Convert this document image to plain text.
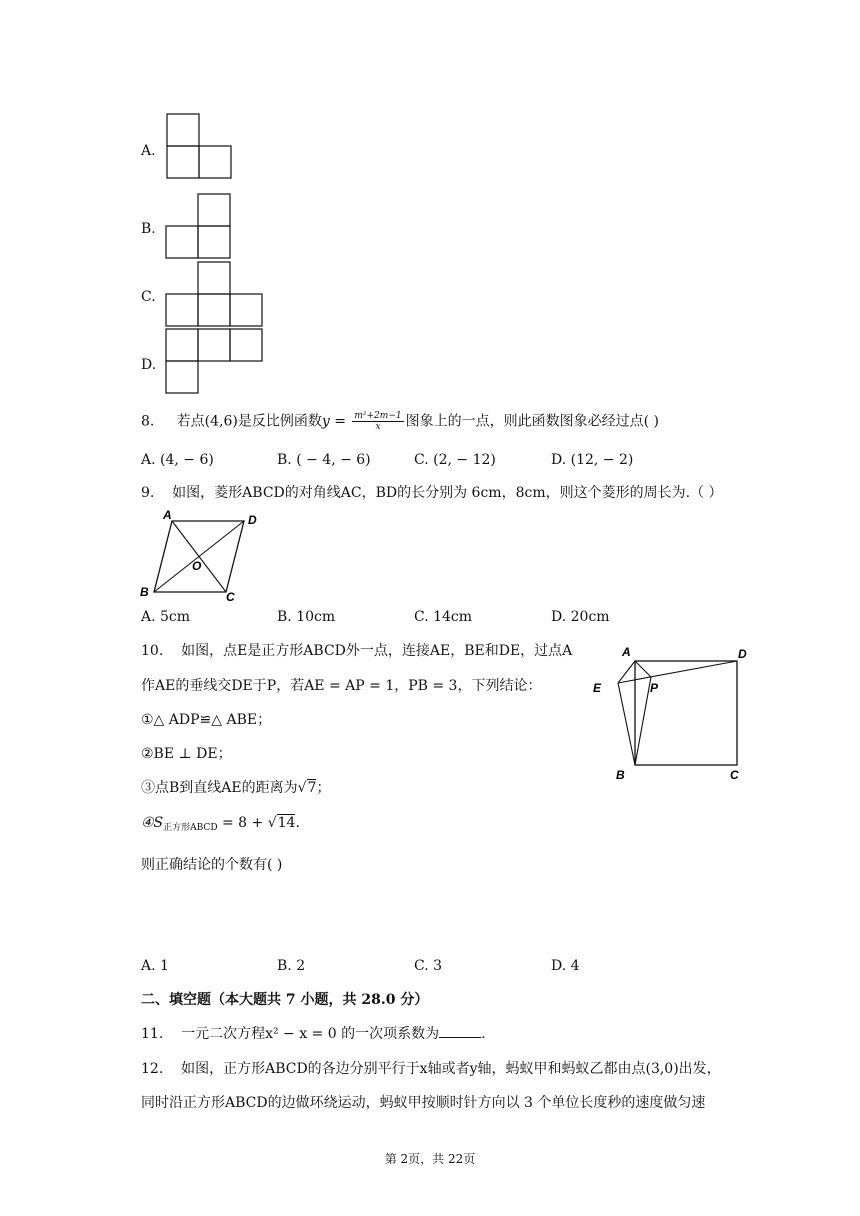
A.
B.
C.
D.
8. 若点(4,6)是反比例函数$y = \frac{\text{m²+2m−1}}{x}$ 图象上的一点，则此函数图象必经过点( )
A. (4, − 6)	B. ( − 4, − 6)	C. (2, − 12)	D. (12, − 2)
9. 如图，菱形ABCD的对角线AC，BD的长分别为 6cm，8cm，则这个菱形的周长为.（ ）
A	D
O
B	C
A. 5cm	B. 10cm	C. 14cm	D. 20cm
10. 如图，点E是正方形ABCD外一点，连接AE，BE和DE，过点A
作AE的垂线交DE于P，若AE = AP = 1，PB = 3，下列结论：
①△ ADP≌△ ABE；
②BE ⊥ DE；
③点B到直线AE的距离为√7；
$④S_{正方形ABCD} = 8 + √14$.
则正确结论的个数有( )
A	D
E	P
B	C
A. 1	B. 2	C. 3	D. 4
二、填空题（本大题共 7 小题，共 28.0 分）
11. 一元二次方程x² − x = 0 的一次项系数为	.
12. 如图，正方形ABCD的各边分别平行于x轴或者y轴，蚂蚁甲和蚂蚁乙都由点(3,0)出发，
同时沿正方形ABCD的边做环绕运动，蚂蚁甲按顺时针方向以 3 个单位长度秒的速度做匀速
第 2页，共 22页
